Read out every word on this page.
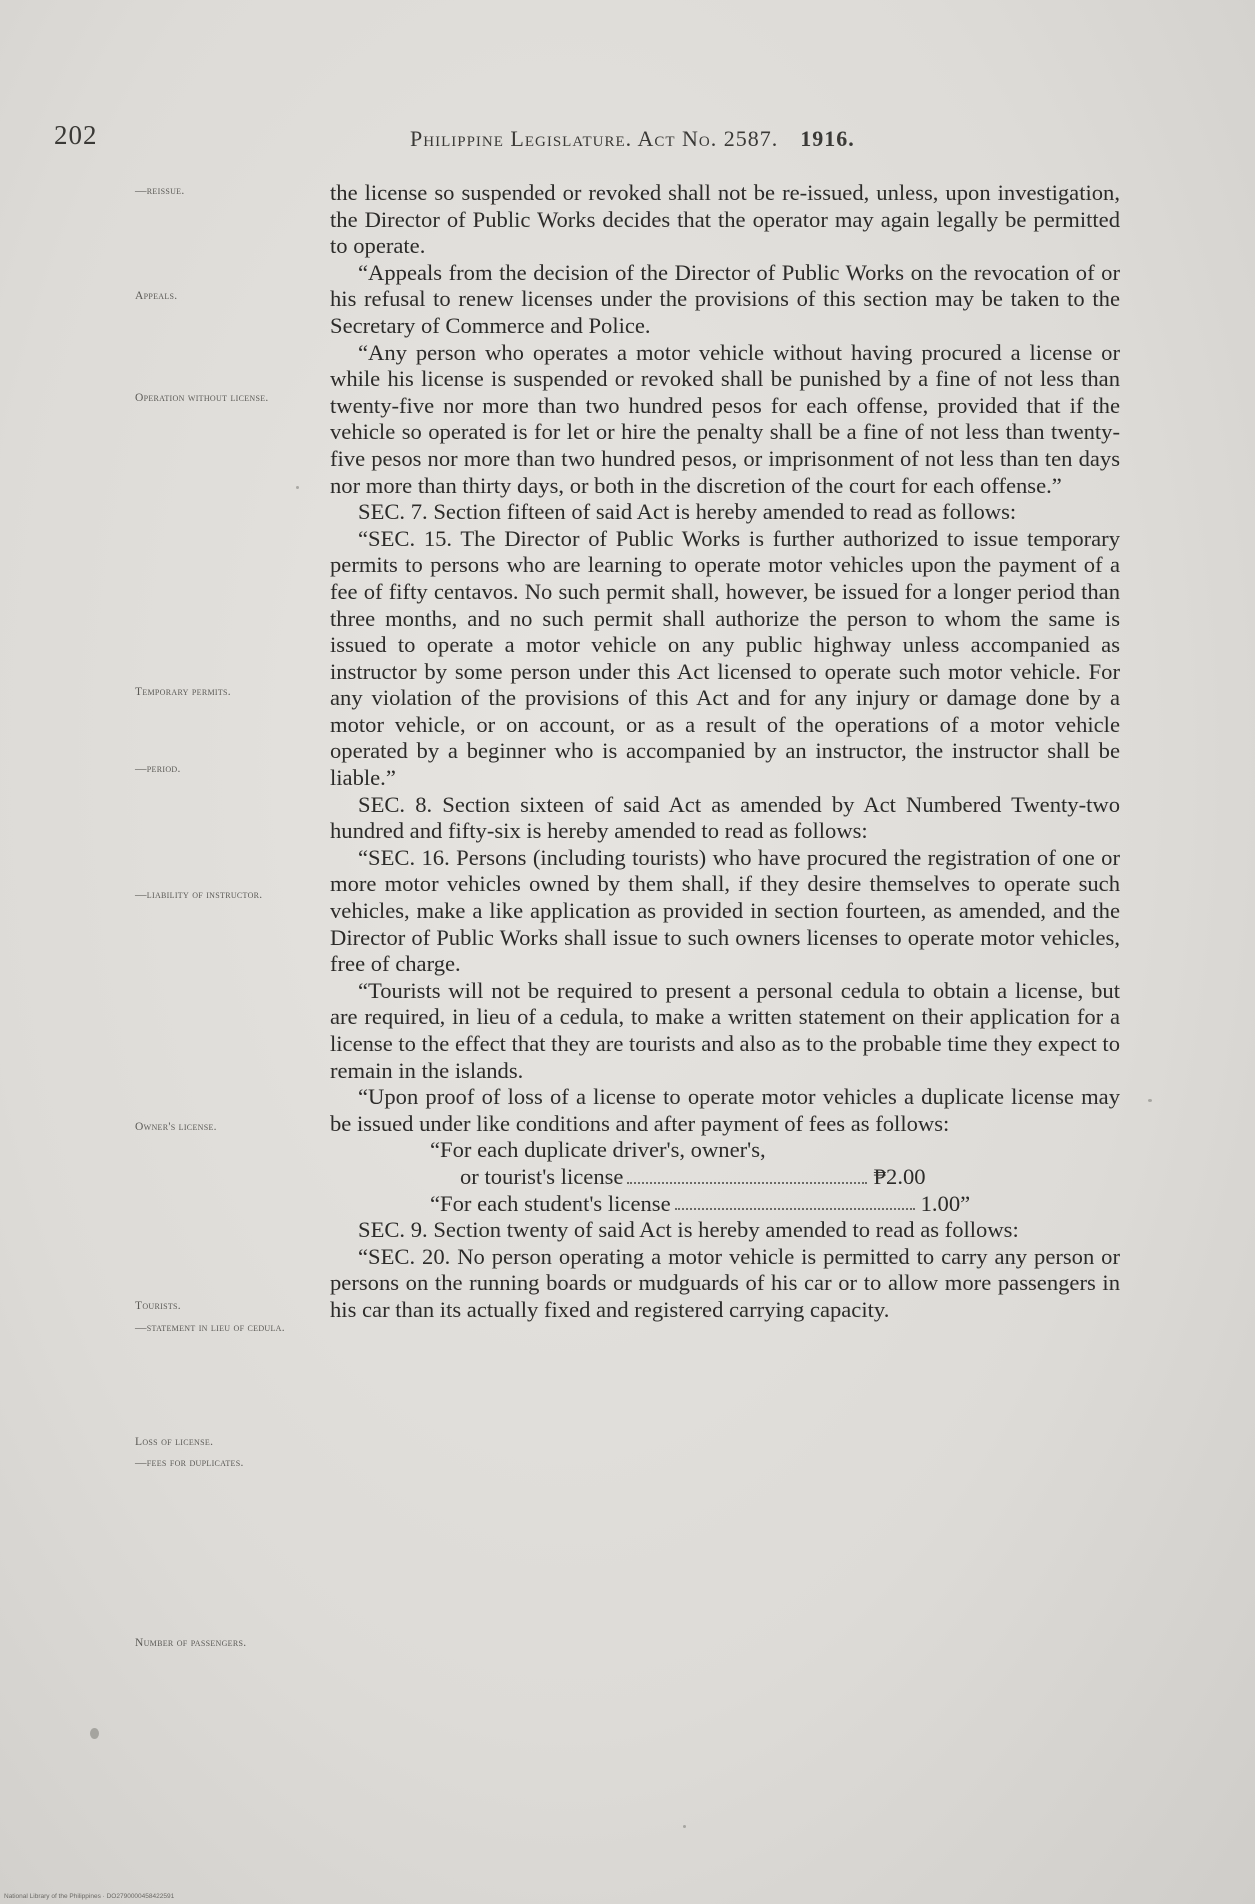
202	Philippine Legislature. Act No. 2587. 1916.
—reissue.
Appeals.
Operation without license.
Temporary permits.
—period.
—liability of instructor.
Owner's license.
Tourists.
—statement in lieu of cedula.
Loss of license.
—fees for duplicates.
Number of passengers.

the license so suspended or revoked shall not be re-issued, unless, upon investigation, the Director of Public Works decides that the operator may again legally be permitted to operate.

“Appeals from the decision of the Director of Public Works on the revocation of or his refusal to renew licenses under the provisions of this section may be taken to the Secretary of Commerce and Police.

“Any person who operates a motor vehicle without having procured a license or while his license is suspended or revoked shall be punished by a fine of not less than twenty-five nor more than two hundred pesos for each offense, provided that if the vehicle so operated is for let or hire the penalty shall be a fine of not less than twenty-five pesos nor more than two hundred pesos, or imprisonment of not less than ten days nor more than thirty days, or both in the discretion of the court for each offense.”

SEC. 7. Section fifteen of said Act is hereby amended to read as follows:

“SEC. 15. The Director of Public Works is further authorized to issue temporary permits to persons who are learning to operate motor vehicles upon the payment of a fee of fifty centavos. No such permit shall, however, be issued for a longer period than three months, and no such permit shall authorize the person to whom the same is issued to operate a motor vehicle on any public highway unless accompanied as instructor by some person under this Act licensed to operate such motor vehicle. For any violation of the provisions of this Act and for any injury or damage done by a motor vehicle, or on account, or as a result of the operations of a motor vehicle operated by a beginner who is accompanied by an instructor, the instructor shall be liable.”

SEC. 8. Section sixteen of said Act as amended by Act Numbered Twenty-two hundred and fifty-six is hereby amended to read as follows:

“SEC. 16. Persons (including tourists) who have procured the registration of one or more motor vehicles owned by them shall, if they desire themselves to operate such vehicles, make a like application as provided in section fourteen, as amended, and the Director of Public Works shall issue to such owners licenses to operate motor vehicles, free of charge.

“Tourists will not be required to present a personal cedula to obtain a license, but are required, in lieu of a cedula, to make a written statement on their application for a license to the effect that they are tourists and also as to the probable time they expect to remain in the islands.

“Upon proof of loss of a license to operate motor vehicles a duplicate license may be issued under like conditions and after payment of fees as follows:

“For each duplicate driver's, owner's,

or tourist's license	₱2.00

“For each student's license	1.00”

SEC. 9. Section twenty of said Act is hereby amended to read as follows:

“SEC. 20. No person operating a motor vehicle is permitted to carry any person or persons on the running boards or mudguards of his car or to allow more passengers in his car than its actually fixed and registered carrying capacity.

National Library of the Philippines · DO2790000458422591
